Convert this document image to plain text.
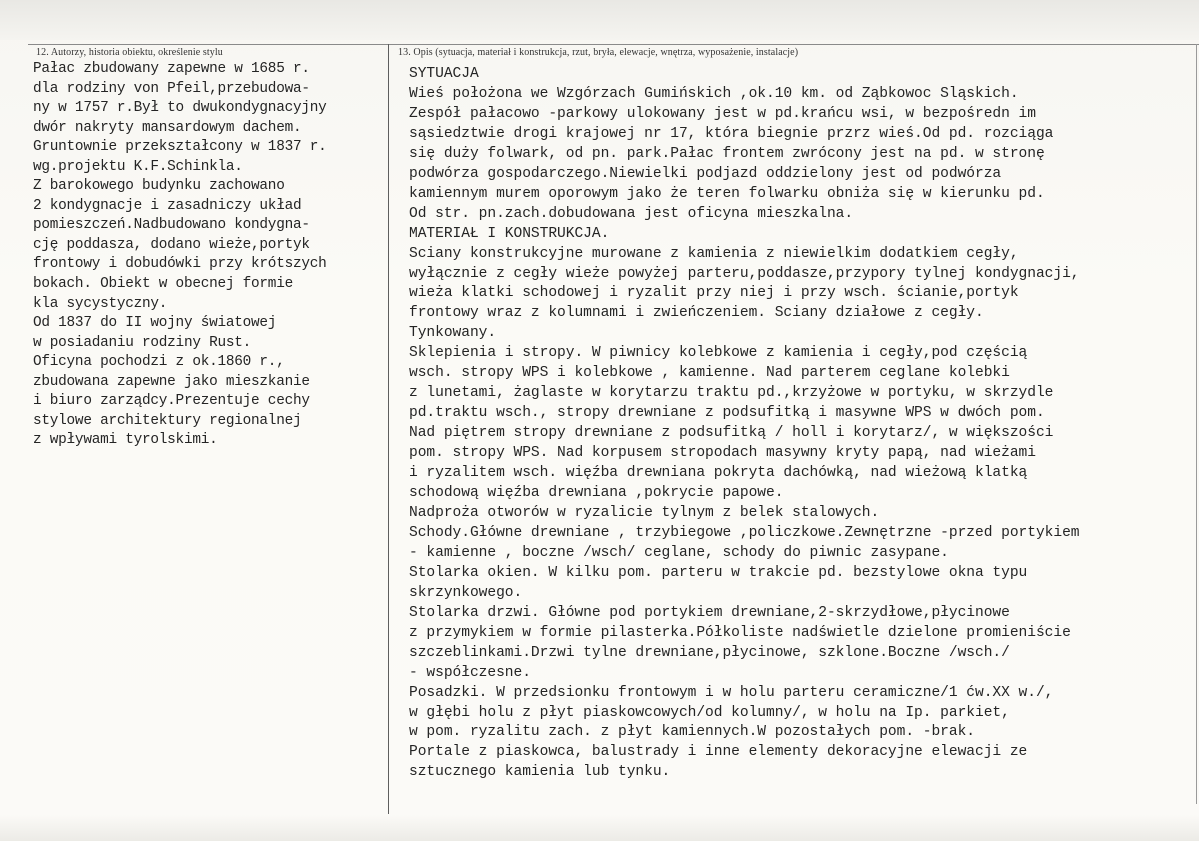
12. Autorzy, historia obiektu, określenie stylu	13. Opis (sytuacja, materiał i konstrukcja, rzut, bryła, elewacje, wnętrza, wyposażenie, instalacje)
Pałac zbudowany zapewne w 1685 r.
dla rodziny von Pfeil,przebudowa-
ny w 1757 r.Był to dwukondygnacyjny
dwór nakryty mansardowym dachem.
Gruntownie przekształcony w 1837 r.
wg.projektu K.F.Schinkla.
Z barokowego budynku zachowano
2 kondygnacje i zasadniczy układ
pomieszczeń.Nadbudowano kondygna-
cję poddasza, dodano wieże,portyk
frontowy i dobudówki przy krótszych
bokach. Obiekt w obecnej formie
kla sycystyczny.
Od 1837 do II wojny światowej
w posiadaniu rodziny Rust.
Oficyna pochodzi z ok.1860 r.,
zbudowana zapewne jako mieszkanie
i biuro zarządcy.Prezentuje cechy
stylowe architektury regionalnej
z wpływami tyrolskimi.
SYTUACJA
Wieś położona we Wzgórzach Gumińskich ,ok.10 km. od Ząbkowoc Sląskich.
Zespół pałacowo -parkowy ulokowany jest w pd.krańcu wsi, w bezpośredn im
sąsiedztwie drogi krajowej nr 17, która biegnie przrz wieś.Od pd. rozciąga
się duży folwark, od pn. park.Pałac frontem zwrócony jest na pd. w stronę
podwórza gospodarczego.Niewielki podjazd oddzielony jest od podwórza
kamiennym murem oporowym jako że teren folwarku obniża się w kierunku pd.
Od str. pn.zach.dobudowana jest oficyna mieszkalna.
MATERIAŁ I KONSTRUKCJA.
Sciany konstrukcyjne murowane z kamienia z niewielkim dodatkiem cegły,
wyłącznie z cegły wieże powyżej parteru,poddasze,przypory tylnej kondygnacji,
wieża klatki schodowej i ryzalit przy niej i przy wsch. ścianie,portyk
frontowy wraz z kolumnami i zwieńczeniem. Sciany działowe z cegły.
Tynkowany.
Sklepienia i stropy. W piwnicy kolebkowe z kamienia i cegły,pod częścią
wsch. stropy WPS i kolebkowe , kamienne. Nad parterem ceglane kolebki
z lunetami, żaglaste w korytarzu traktu pd.,krzyżowe w portyku, w skrzydle
pd.traktu wsch., stropy drewniane z podsufitką i masywne WPS w dwóch pom.
Nad piętrem stropy drewniane z podsufitką / holl i korytarz/, w większości
pom. stropy WPS. Nad korpusem stropodach masywny kryty papą, nad wieżami
i ryzalitem wsch. więźba drewniana pokryta dachówką, nad wieżową klatką
schodową więźba drewniana ,pokrycie papowe.
Nadproża otworów w ryzalicie tylnym z belek stalowych.
Schody.Główne drewniane , trzybiegowe ,policzkowe.Zewnętrzne -przed portykiem
- kamienne , boczne /wsch/ ceglane, schody do piwnic zasypane.
Stolarka okien. W kilku pom. parteru w trakcie pd. bezstylowe okna typu
skrzynkowego.
Stolarka drzwi. Główne pod portykiem drewniane,2-skrzydłowe,płycinowe
z przymykiem w formie pilasterka.Półkoliste nadświetle dzielone promieniście
szczeblinkami.Drzwi tylne drewniane,płycinowe, szklone.Boczne /wsch./
- współczesne.
Posadzki. W przedsionku frontowym i w holu parteru ceramiczne/1 ćw.XX w./,
w głębi holu z płyt piaskowcowych/od kolumny/, w holu na Ip. parkiet,
w pom. ryzalitu zach. z płyt kamiennych.W pozostałych pom. -brak.
Portale z piaskowca, balustrady i inne elementy dekoracyjne elewacji ze
sztucznego kamienia lub tynku.
